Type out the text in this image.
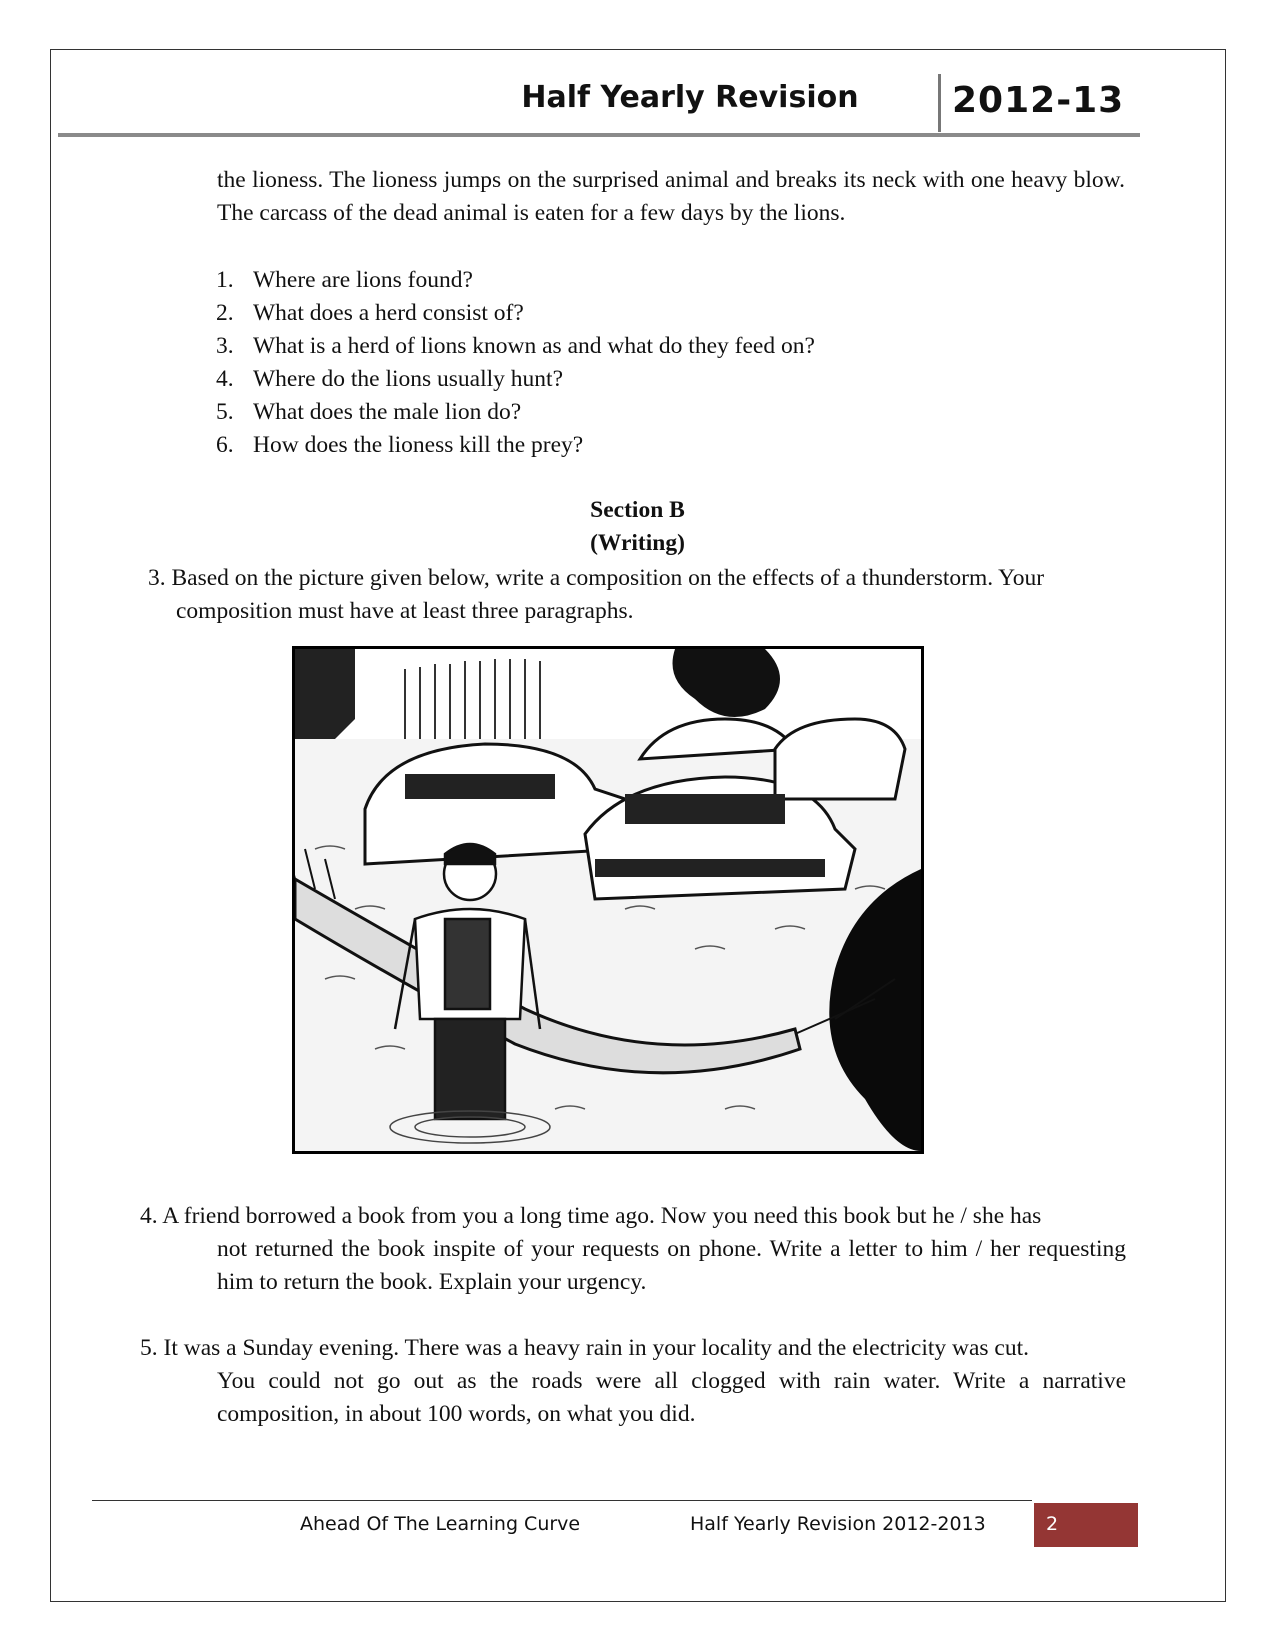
Half Yearly Revision	2012-13
the lioness. The lioness jumps on the surprised animal and breaks its neck with one heavy blow. The carcass of the dead animal is eaten for a few days by the lions.
1. Where are lions found?
2. What does a herd consist of?
3. What is a herd of lions known as and what do they feed on?
4. Where do the lions usually hunt?
5. What does the male lion do?
6. How does the lioness kill the prey?
Section B
(Writing)
3. Based on the picture given below, write a composition on the effects of a thunderstorm. Your
composition must have at least three paragraphs.
4. A friend borrowed a book from you a long time ago. Now you need this book but he / she has
not returned the book inspite of your requests on phone. Write a letter to him / her requesting him to return the book. Explain your urgency.
5. It was a Sunday evening. There was a heavy rain in your locality and the electricity was cut.
You could not go out as the roads were all clogged with rain water. Write a narrative composition, in about 100 words, on what you did.
Ahead Of The Learning Curve	Half Yearly Revision 2012-2013	2
